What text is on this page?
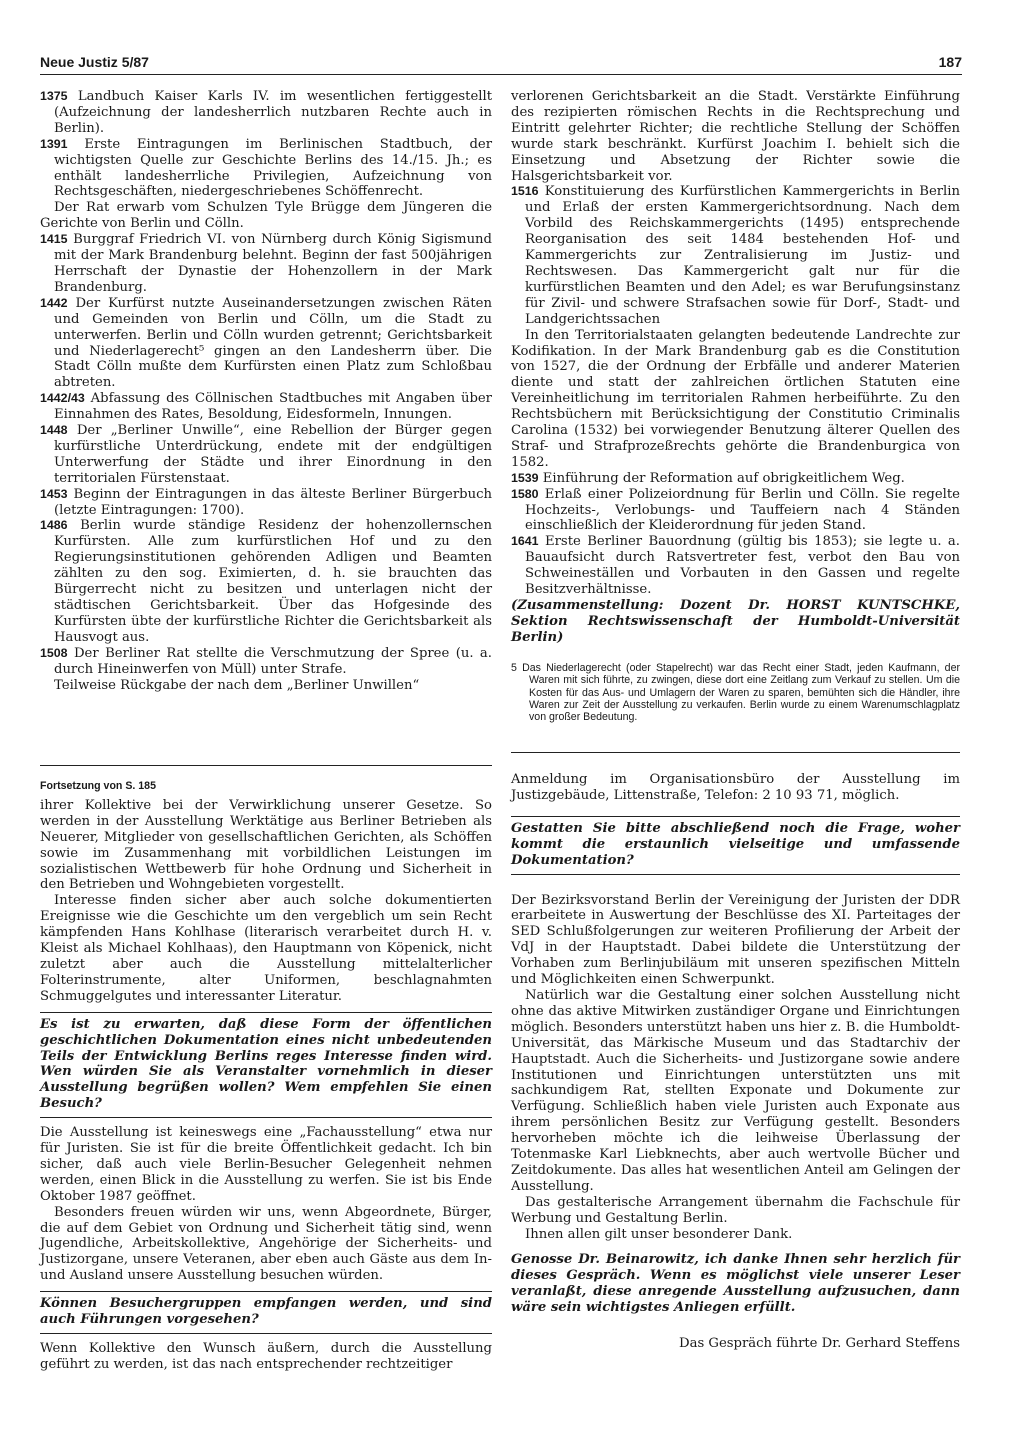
Neue Justiz 5/87	187

1375 Landbuch Kaiser Karls IV. im wesentlichen fertiggestellt (Aufzeichnung der landesherrlich nutzbaren Rechte auch in Berlin).

1391 Erste Eintragungen im Berlinischen Stadtbuch, der wichtigsten Quelle zur Geschichte Berlins des 14./15. Jh.; es enthält landesherrliche Privilegien, Aufzeichnung von Rechtsgeschäften, niedergeschriebenes Schöffenrecht.

Der Rat erwarb vom Schulzen Tyle Brügge dem Jüngeren die Gerichte von Berlin und Cölln.

1415 Burggraf Friedrich VI. von Nürnberg durch König Sigismund mit der Mark Brandenburg belehnt. Beginn der fast 500jährigen Herrschaft der Dynastie der Hohenzollern in der Mark Brandenburg.

1442 Der Kurfürst nutzte Auseinandersetzungen zwischen Räten und Gemeinden von Berlin und Cölln, um die Stadt zu unterwerfen. Berlin und Cölln wurden getrennt; Gerichtsbarkeit und Niederlagerecht⁵ gingen an den Landesherrn über. Die Stadt Cölln mußte dem Kurfürsten einen Platz zum Schloßbau abtreten.

1442/43 Abfassung des Cöllnischen Stadtbuches mit Angaben über Einnahmen des Rates, Besoldung, Eidesformeln, Innungen.

1448 Der „Berliner Unwille“, eine Rebellion der Bürger gegen kurfürstliche Unterdrückung, endete mit der endgültigen Unterwerfung der Städte und ihrer Einordnung in den territorialen Fürstenstaat.

1453 Beginn der Eintragungen in das älteste Berliner Bürgerbuch (letzte Eintragungen: 1700).

1486 Berlin wurde ständige Residenz der hohenzollernschen Kurfürsten. Alle zum kurfürstlichen Hof und zu den Regierungsinstitutionen gehörenden Adligen und Beamten zählten zu den sog. Eximierten, d. h. sie brauchten das Bürgerrecht nicht zu besitzen und unterlagen nicht der städtischen Gerichtsbarkeit. Über das Hofgesinde des Kurfürsten übte der kurfürstliche Richter die Gerichtsbarkeit als Hausvogt aus.

1508 Der Berliner Rat stellte die Verschmutzung der Spree (u. a. durch Hineinwerfen von Müll) unter Strafe.

Teilweise Rückgabe der nach dem „Berliner Unwillen“

verlorenen Gerichtsbarkeit an die Stadt. Verstärkte Einführung des rezipierten römischen Rechts in die Rechtsprechung und Eintritt gelehrter Richter; die rechtliche Stellung der Schöffen wurde stark beschränkt. Kurfürst Joachim I. behielt sich die Einsetzung und Absetzung der Richter sowie die Halsgerichtsbarkeit vor.

1516 Konstituierung des Kurfürstlichen Kammergerichts in Berlin und Erlaß der ersten Kammergerichtsordnung. Nach dem Vorbild des Reichskammergerichts (1495) entsprechende Reorganisation des seit 1484 bestehenden Hof- und Kammergerichts zur Zentralisierung im Justiz- und Rechtswesen. Das Kammergericht galt nur für die kurfürstlichen Beamten und den Adel; es war Berufungsinstanz für Zivil- und schwere Strafsachen sowie für Dorf-, Stadt- und Landgerichtssachen

In den Territorialstaaten gelangten bedeutende Landrechte zur Kodifikation. In der Mark Brandenburg gab es die Constitution von 1527, die der Ordnung der Erbfälle und anderer Materien diente und statt der zahlreichen örtlichen Statuten eine Vereinheitlichung im territorialen Rahmen herbeiführte. Zu den Rechtsbüchern mit Berücksichtigung der Constitutio Criminalis Carolina (1532) bei vorwiegender Benutzung älterer Quellen des Straf- und Strafprozeßrechts gehörte die Brandenburgica von 1582.

1539 Einführung der Reformation auf obrigkeitlichem Weg.

1580 Erlaß einer Polizeiordnung für Berlin und Cölln. Sie regelte Hochzeits-, Verlobungs- und Tauffeiern nach 4 Ständen einschließlich der Kleiderordnung für jeden Stand.

1641 Erste Berliner Bauordnung (gültig bis 1853); sie legte u. a. Bauaufsicht durch Ratsvertreter fest, verbot den Bau von Schweineställen und Vorbauten in den Gassen und regelte Besitzverhältnisse.

(Zusammenstellung: Dozent Dr. HORST KUNTSCHKE, Sektion Rechtswissenschaft der Humboldt-Universität Berlin)

5 Das Niederlagerecht (oder Stapelrecht) war das Recht einer Stadt, jeden Kaufmann, der Waren mit sich führte, zu zwingen, diese dort eine Zeitlang zum Verkauf zu stellen. Um die Kosten für das Aus- und Umlagern der Waren zu sparen, bemühten sich die Händler, ihre Waren zur Zeit der Ausstellung zu verkaufen. Berlin wurde zu einem Warenumschlagplatz von großer Bedeutung.

Fortsetzung von S. 185

ihrer Kollektive bei der Verwirklichung unserer Gesetze. So werden in der Ausstellung Werktätige aus Berliner Betrieben als Neuerer, Mitglieder von gesellschaftlichen Gerichten, als Schöffen sowie im Zusammenhang mit vorbildlichen Leistungen im sozialistischen Wettbewerb für hohe Ordnung und Sicherheit in den Betrieben und Wohngebieten vorgestellt.

Interesse finden sicher aber auch solche dokumentierten Ereignisse wie die Geschichte um den vergeblich um sein Recht kämpfenden Hans Kohlhase (literarisch verarbeitet durch H. v. Kleist als Michael Kohlhaas), den Hauptmann von Köpenick, nicht zuletzt aber auch die Ausstellung mittelalterlicher Folterinstrumente, alter Uniformen, beschlagnahmten Schmuggelgutes und interessanter Literatur.

Es ist zu erwarten, daß diese Form der öffentlichen geschichtlichen Dokumentation eines nicht unbedeutenden Teils der Entwicklung Berlins reges Interesse finden wird. Wen würden Sie als Veranstalter vornehmlich in dieser Ausstellung begrüßen wollen? Wem empfehlen Sie einen Besuch?

Die Ausstellung ist keineswegs eine „Fachausstellung“ etwa nur für Juristen. Sie ist für die breite Öffentlichkeit gedacht. Ich bin sicher, daß auch viele Berlin-Besucher Gelegenheit nehmen werden, einen Blick in die Ausstellung zu werfen. Sie ist bis Ende Oktober 1987 geöffnet.

Besonders freuen würden wir uns, wenn Abgeordnete, Bürger, die auf dem Gebiet von Ordnung und Sicherheit tätig sind, wenn Jugendliche, Arbeitskollektive, Angehörige der Sicherheits- und Justizorgane, unsere Veteranen, aber eben auch Gäste aus dem In- und Ausland unsere Ausstellung besuchen würden.

Können Besuchergruppen empfangen werden, und sind auch Führungen vorgesehen?

Wenn Kollektive den Wunsch äußern, durch die Ausstellung geführt zu werden, ist das nach entsprechender rechtzeitiger

Anmeldung im Organisationsbüro der Ausstellung im Justizgebäude, Littenstraße, Telefon: 2 10 93 71, möglich.

Gestatten Sie bitte abschließend noch die Frage, woher kommt die erstaunlich vielseitige und umfassende Dokumentation?

Der Bezirksvorstand Berlin der Vereinigung der Juristen der DDR erarbeitete in Auswertung der Beschlüsse des XI. Parteitages der SED Schlußfolgerungen zur weiteren Profilierung der Arbeit der VdJ in der Hauptstadt. Dabei bildete die Unterstützung der Vorhaben zum Berlinjubiläum mit unseren spezifischen Mitteln und Möglichkeiten einen Schwerpunkt.

Natürlich war die Gestaltung einer solchen Ausstellung nicht ohne das aktive Mitwirken zuständiger Organe und Einrichtungen möglich. Besonders unterstützt haben uns hier z. B. die Humboldt-Universität, das Märkische Museum und das Stadtarchiv der Hauptstadt. Auch die Sicherheits- und Justizorgane sowie andere Institutionen und Einrichtungen unterstützten uns mit sachkundigem Rat, stellten Exponate und Dokumente zur Verfügung. Schließlich haben viele Juristen auch Exponate aus ihrem persönlichen Besitz zur Verfügung gestellt. Besonders hervorheben möchte ich die leihweise Überlassung der Totenmaske Karl Liebknechts, aber auch wertvolle Bücher und Zeitdokumente. Das alles hat wesentlichen Anteil am Gelingen der Ausstellung.

Das gestalterische Arrangement übernahm die Fachschule für Werbung und Gestaltung Berlin.

Ihnen allen gilt unser besonderer Dank.

Genosse Dr. Beinarowitz, ich danke Ihnen sehr herzlich für dieses Gespräch. Wenn es möglichst viele unserer Leser veranlaßt, diese anregende Ausstellung aufzusuchen, dann wäre sein wichtigstes Anliegen erfüllt.

Das Gespräch führte Dr. Gerhard Steffens
